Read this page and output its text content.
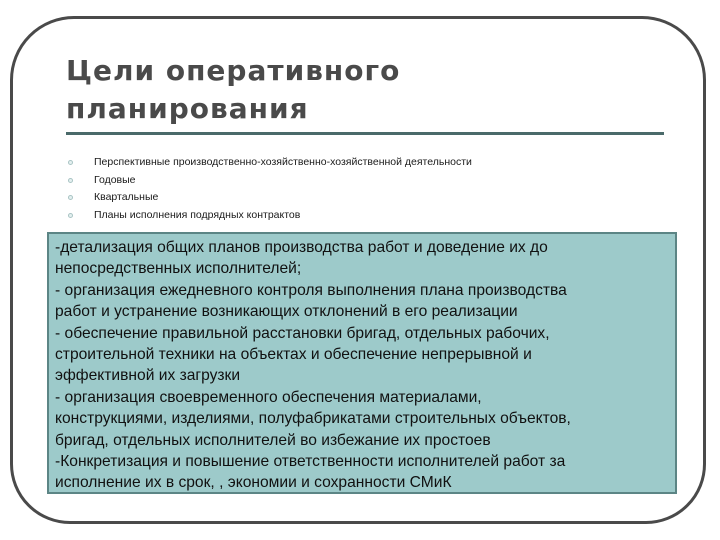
Цели оперативного
планирования
Перспективные производственно-хозяйственно-хозяйственной деятельности
Годовые
Квартальные
Планы исполнения подрядных контрактов

-детализация общих планов производства работ и доведение их до

непосредственных исполнителей;

- организация ежедневного контроля выполнения плана производства

работ и устранение возникающих отклонений в его реализации

- обеспечение правильной расстановки бригад, отдельных рабочих,

строительной техники на объектах и обеспечение непрерывной и

эффективной их загрузки

- организация своевременного обеспечения материалами,

конструкциями, изделиями, полуфабрикатами строительных объектов,

бригад, отдельных исполнителей во избежание их простоев

-Конкретизация и повышение ответственности исполнителей работ за

исполнение их в срок, , экономии и сохранности СМиК
